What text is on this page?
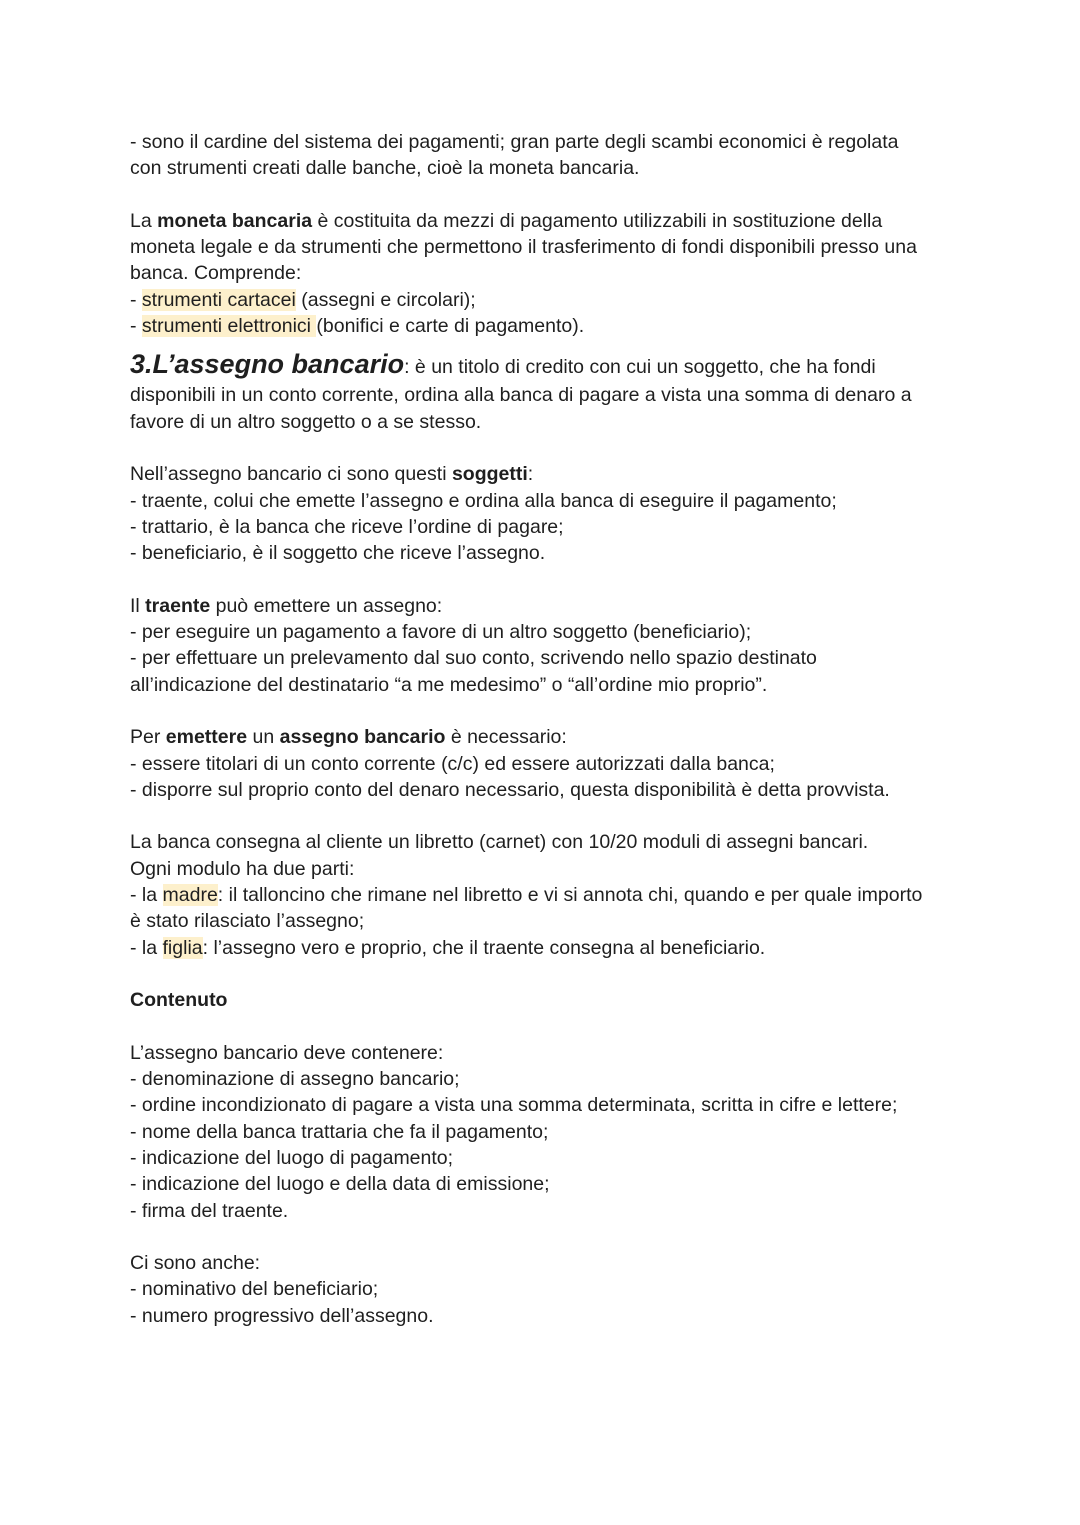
- sono il cardine del sistema dei pagamenti; gran parte degli scambi economici è regolata
con strumenti creati dalle banche, cioè la moneta bancaria.
La moneta bancaria è costituita da mezzi di pagamento utilizzabili in sostituzione della
moneta legale e da strumenti che permettono il trasferimento di fondi disponibili presso una
banca. Comprende:
- strumenti cartacei (assegni e circolari);
- strumenti elettronici (bonifici e carte di pagamento).
3.L’assegno bancario: è un titolo di credito con cui un soggetto, che ha fondi
disponibili in un conto corrente, ordina alla banca di pagare a vista una somma di denaro a
favore di un altro soggetto o a se stesso.
Nell’assegno bancario ci sono questi soggetti:
- traente, colui che emette l’assegno e ordina alla banca di eseguire il pagamento;
- trattario, è la banca che riceve l’ordine di pagare;
- beneficiario, è il soggetto che riceve l’assegno.
Il traente può emettere un assegno:
- per eseguire un pagamento a favore di un altro soggetto (beneficiario);
- per effettuare un prelevamento dal suo conto, scrivendo nello spazio destinato
all’indicazione del destinatario “a me medesimo” o “all’ordine mio proprio”.
Per emettere un assegno bancario è necessario:
- essere titolari di un conto corrente (c/c) ed essere autorizzati dalla banca;
- disporre sul proprio conto del denaro necessario, questa disponibilità è detta provvista.
La banca consegna al cliente un libretto (carnet) con 10/20 moduli di assegni bancari.
Ogni modulo ha due parti:
- la madre: il talloncino che rimane nel libretto e vi si annota chi, quando e per quale importo
è stato rilasciato l’assegno;
- la figlia: l’assegno vero e proprio, che il traente consegna al beneficiario.
Contenuto
L’assegno bancario deve contenere:
- denominazione di assegno bancario;
- ordine incondizionato di pagare a vista una somma determinata, scritta in cifre e lettere;
- nome della banca trattaria che fa il pagamento;
- indicazione del luogo di pagamento;
- indicazione del luogo e della data di emissione;
- firma del traente.
Ci sono anche:
- nominativo del beneficiario;
- numero progressivo dell’assegno.
